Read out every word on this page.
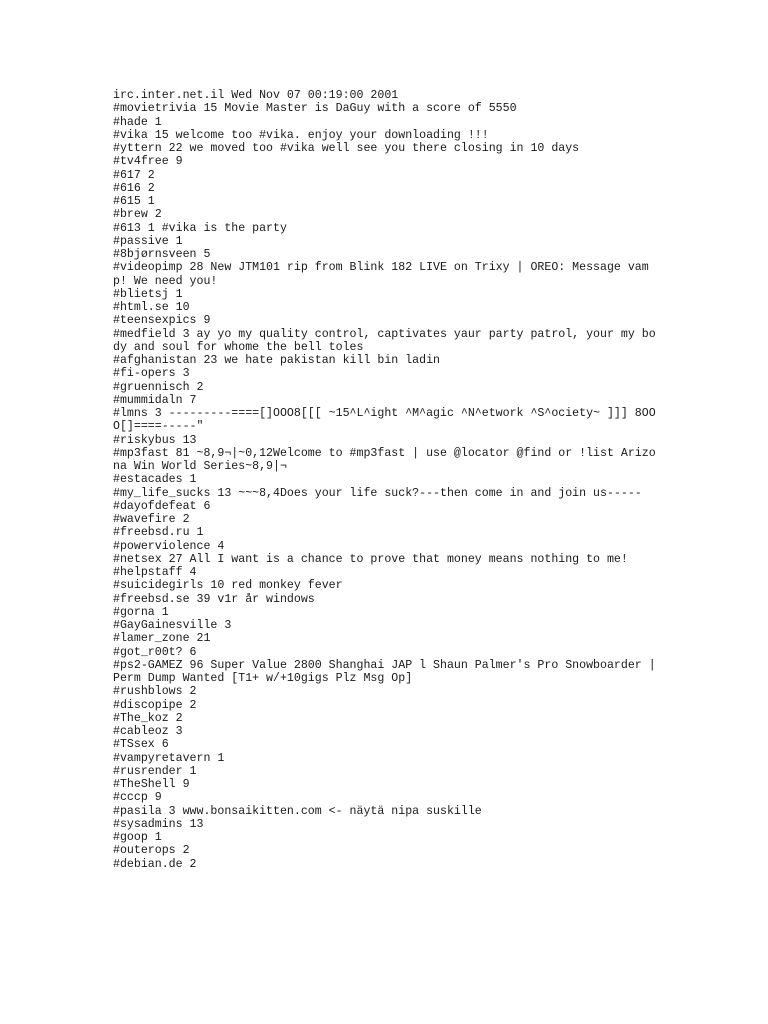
irc.inter.net.il Wed Nov 07 00:19:00 2001
#movietrivia 15 Movie Master is DaGuy with a score of 5550
#hade 1
#vika 15 welcome too #vika. enjoy your downloading !!!
#yttern 22 we moved too #vika well see you there closing in 10 days
#tv4free 9
#617 2
#616 2
#615 1
#brew 2
#613 1 #vika is the party
#passive 1
#8bjørnsveen 5
#videopimp 28 New JTM101 rip from Blink 182 LIVE on Trixy | OREO: Message vamp! We need you!
#blietsj 1
#html.se 10
#teensexpics 9
#medfield 3 ay yo my quality control, captivates yaur party patrol, your my body and soul for whome the bell toles
#afghanistan 23 we hate pakistan kill bin ladin
#fi-opers 3
#gruennisch 2
#mummidaln 7
#lmns 3 ---------====[]OOO8[[[ ~15^L^ight ^M^agic ^N^etwork ^S^ociety~ ]]] 8OOO[]====-----"
#riskybus 13
#mp3fast 81 ~8,9¬|~0,12Welcome to #mp3fast | use @locator @find or !list Arizona Win World Series~8,9|¬
#estacades 1
#my_life_sucks 13 ~~~8,4Does your life suck?---then come in and join us-----
#dayofdefeat 6
#wavefire 2
#freebsd.ru 1
#powerviolence 4
#netsex 27 All I want is a chance to prove that money means nothing to me!
#helpstaff 4
#suicidegirls 10 red monkey fever
#freebsd.se 39 v1r år windows
#gorna 1
#GayGainesville 3
#lamer_zone 21
#got_r00t? 6
#ps2-GAMEZ 96 Super Value 2800 Shanghai JAP l Shaun Palmer's Pro Snowboarder | Perm Dump Wanted [T1+ w/+10gigs Plz Msg Op]
#rushblows 2
#discopipe 2
#The_koz 2
#cableoz 3
#TSsex 6
#vampyretavern 1
#rusrender 1
#TheShell 9
#cccp 9
#pasila 3 www.bonsaikitten.com <- näytä nipa suskille
#sysadmins 13
#goop 1
#outerops 2
#debian.de 2
